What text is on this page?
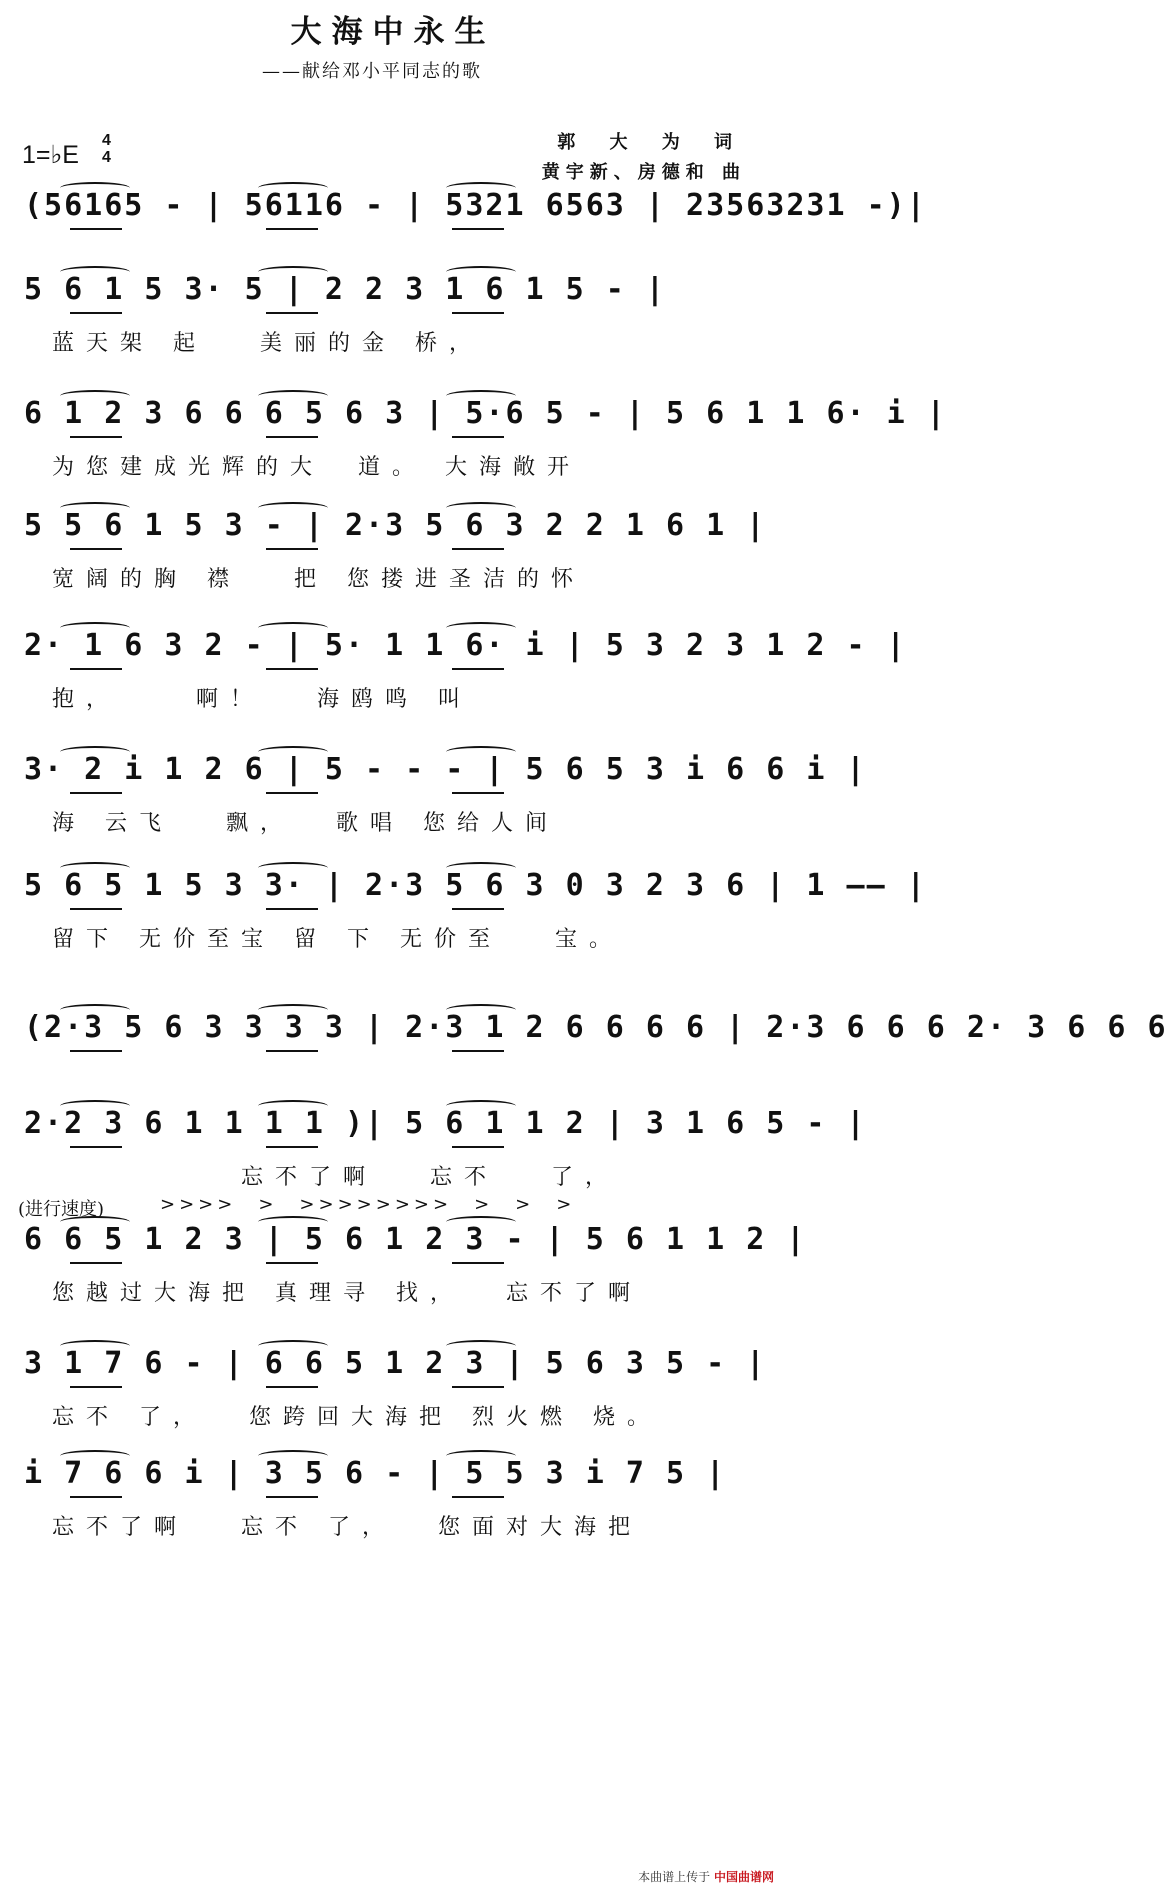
大海中永生
——献给邓小平同志的歌
1=♭E
4
4
郭 大 为 词
黄宇新、房德和 曲
(56165 - | 56116 - | 5321 6563 | 23563231 -)|
5 6 1 5 3· 5 | 2 2 3 1 6 1 5 - |
蓝天架 起　 美丽的金 桥，
6 1 2 3 6 6 6 5 6 3 | 5·6 5 - | 5 6 1 1 6· i |
为您建成光辉的大　道。 大海敞开
5 5 6 1 5 3 - | 2·3 5 6 3 2 2 1 6 1 |
宽阔的胸 襟　 把 您搂进圣洁的怀
2· 1 6 3 2 - | 5· 1 1 6· i | 5 3 2 3 1 2 - |
抱，　　 啊！　 海鸥鸣 叫
3· 2 i 1 2 6 | 5 - - - | 5 6 5 3 i 6 6 i |
海 云飞　 飘，　 歌唱 您给人间
5 6 5 1 5 3 3· | 2·3 5 6 3 0 3 2 3 6 | 1 —— |
留下 无价至宝 留 下 无价至　 宝。
(2·3 5 6 3 3 3 3 | 2·3 1 2 6 6 6 6 | 2·3 6 6 6 2· 3 6 6 6
2·2 3 6 1 1 1 1 )| 5 6 1 1 2 | 3 1 6 5 - |
　　　　　 忘不了啊　 忘不　 了，
6 6 5 1 2 3 | 5 6 1 2 3 - | 5 6 1 1 2 |
您越过大海把 真理寻 找，　 忘不了啊
3 1 7 6 - | 6 6 5 1 2 3 | 5 6 3 5 - |
忘不 了，　 您跨回大海把 烈火燃 烧。
i 7 6 6 i | 3 5 6 - | 5 5 3 i 7 5 |
忘不了啊　 忘不 了，　 您面对大海把
(进行速度)	>>>>　>　>>>>>>>>　>　>　>
本曲谱上传于 中国曲谱网
